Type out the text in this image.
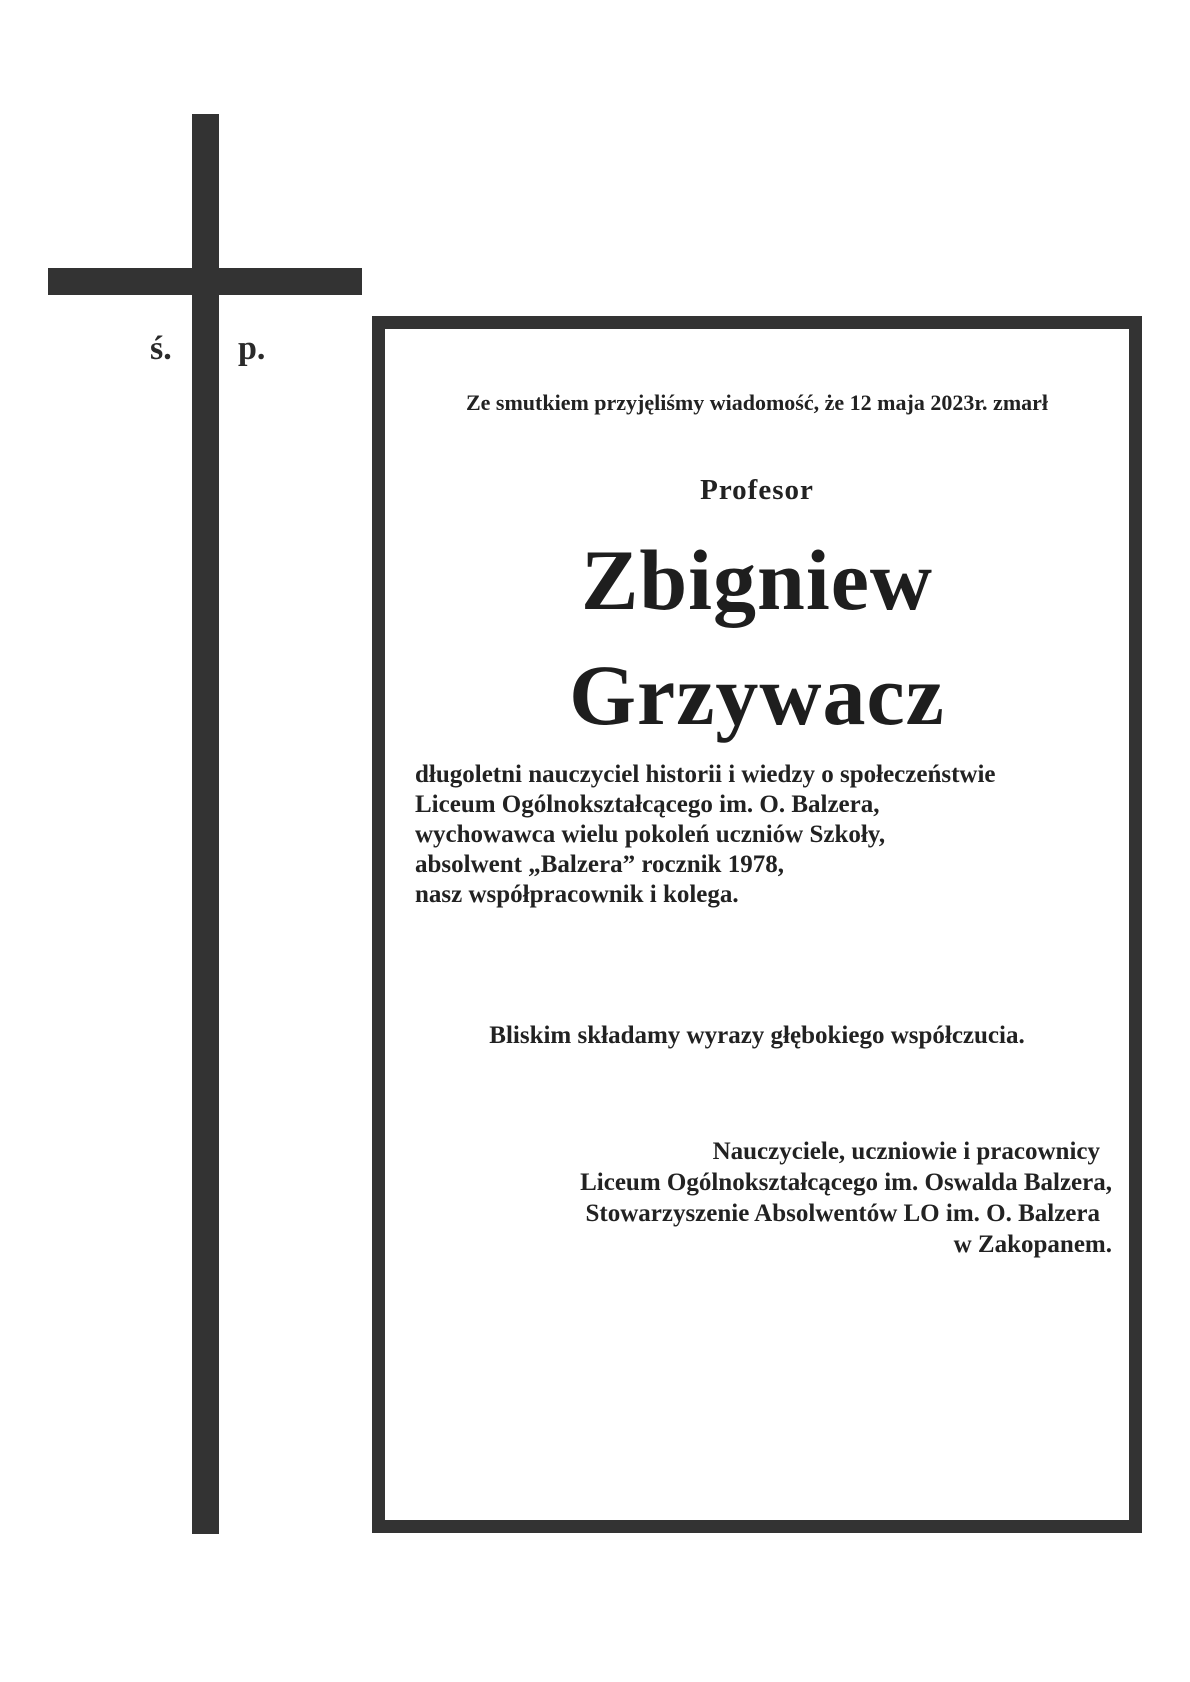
ś. p.
Ze smutkiem przyjęliśmy wiadomość, że 12 maja 2023r. zmarł
Profesor
Zbigniew
Grzywacz
długoletni nauczyciel historii i wiedzy o społeczeństwie
Liceum Ogólnokształcącego im. O. Balzera,
wychowawca wielu pokoleń uczniów Szkoły,
absolwent „Balzera” rocznik 1978,
nasz współpracownik i kolega.
Bliskim składamy wyrazy głębokiego współczucia.
Nauczyciele, uczniowie i pracownicy
Liceum Ogólnokształcącego im. Oswalda Balzera,
Stowarzyszenie Absolwentów LO im. O. Balzera
w Zakopanem.
